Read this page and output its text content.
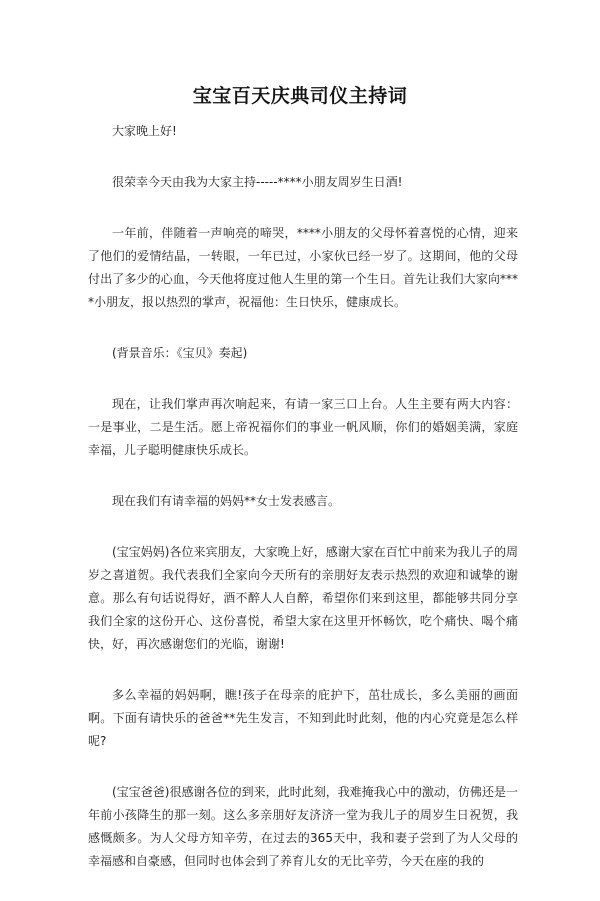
宝宝百天庆典司仪主持词

大家晚上好!

很荣幸今天由我为大家主持-----****小朋友周岁生日酒!

一年前，伴随着一声响亮的啼哭，****小朋友的父母怀着喜悦的心情，迎来了他们的爱情结晶，一转眼，一年已过，小家伙已经一岁了。这期间，他的父母付出了多少的心血，今天他将度过他人生里的第一个生日。首先让我们大家向****小朋友，报以热烈的掌声，祝福他：生日快乐，健康成长。

(背景音乐：《宝贝》奏起)

现在，让我们掌声再次响起来，有请一家三口上台。人生主要有两大内容：一是事业，二是生活。愿上帝祝福你们的事业一帆风顺，你们的婚姻美满，家庭幸福，儿子聪明健康快乐成长。

现在我们有请幸福的妈妈**女士发表感言。

(宝宝妈妈)各位来宾朋友，大家晚上好，感谢大家在百忙中前来为我儿子的周岁之喜道贺。我代表我们全家向今天所有的亲朋好友表示热烈的欢迎和诚挚的谢意。那么有句话说得好，酒不醉人人自醉，希望你们来到这里，都能够共同分享我们全家的这份开心、这份喜悦，希望大家在这里开怀畅饮，吃个痛快、喝个痛快，好，再次感谢您们的光临，谢谢!

多么幸福的妈妈啊，瞧!孩子在母亲的庇护下，茁壮成长，多么美丽的画面啊。下面有请快乐的爸爸**先生发言，不知到此时此刻，他的内心究竟是怎么样呢?

(宝宝爸爸)很感谢各位的到来，此时此刻，我难掩我心中的激动，仿佛还是一年前小孩降生的那一刻。这么多亲朋好友济济一堂为我儿子的周岁生日祝贺，我感慨颇多。为人父母方知辛劳，在过去的365天中，我和妻子尝到了为人父母的幸福感和自豪感，但同时也体会到了养育儿女的无比辛劳，今天在座的我的
